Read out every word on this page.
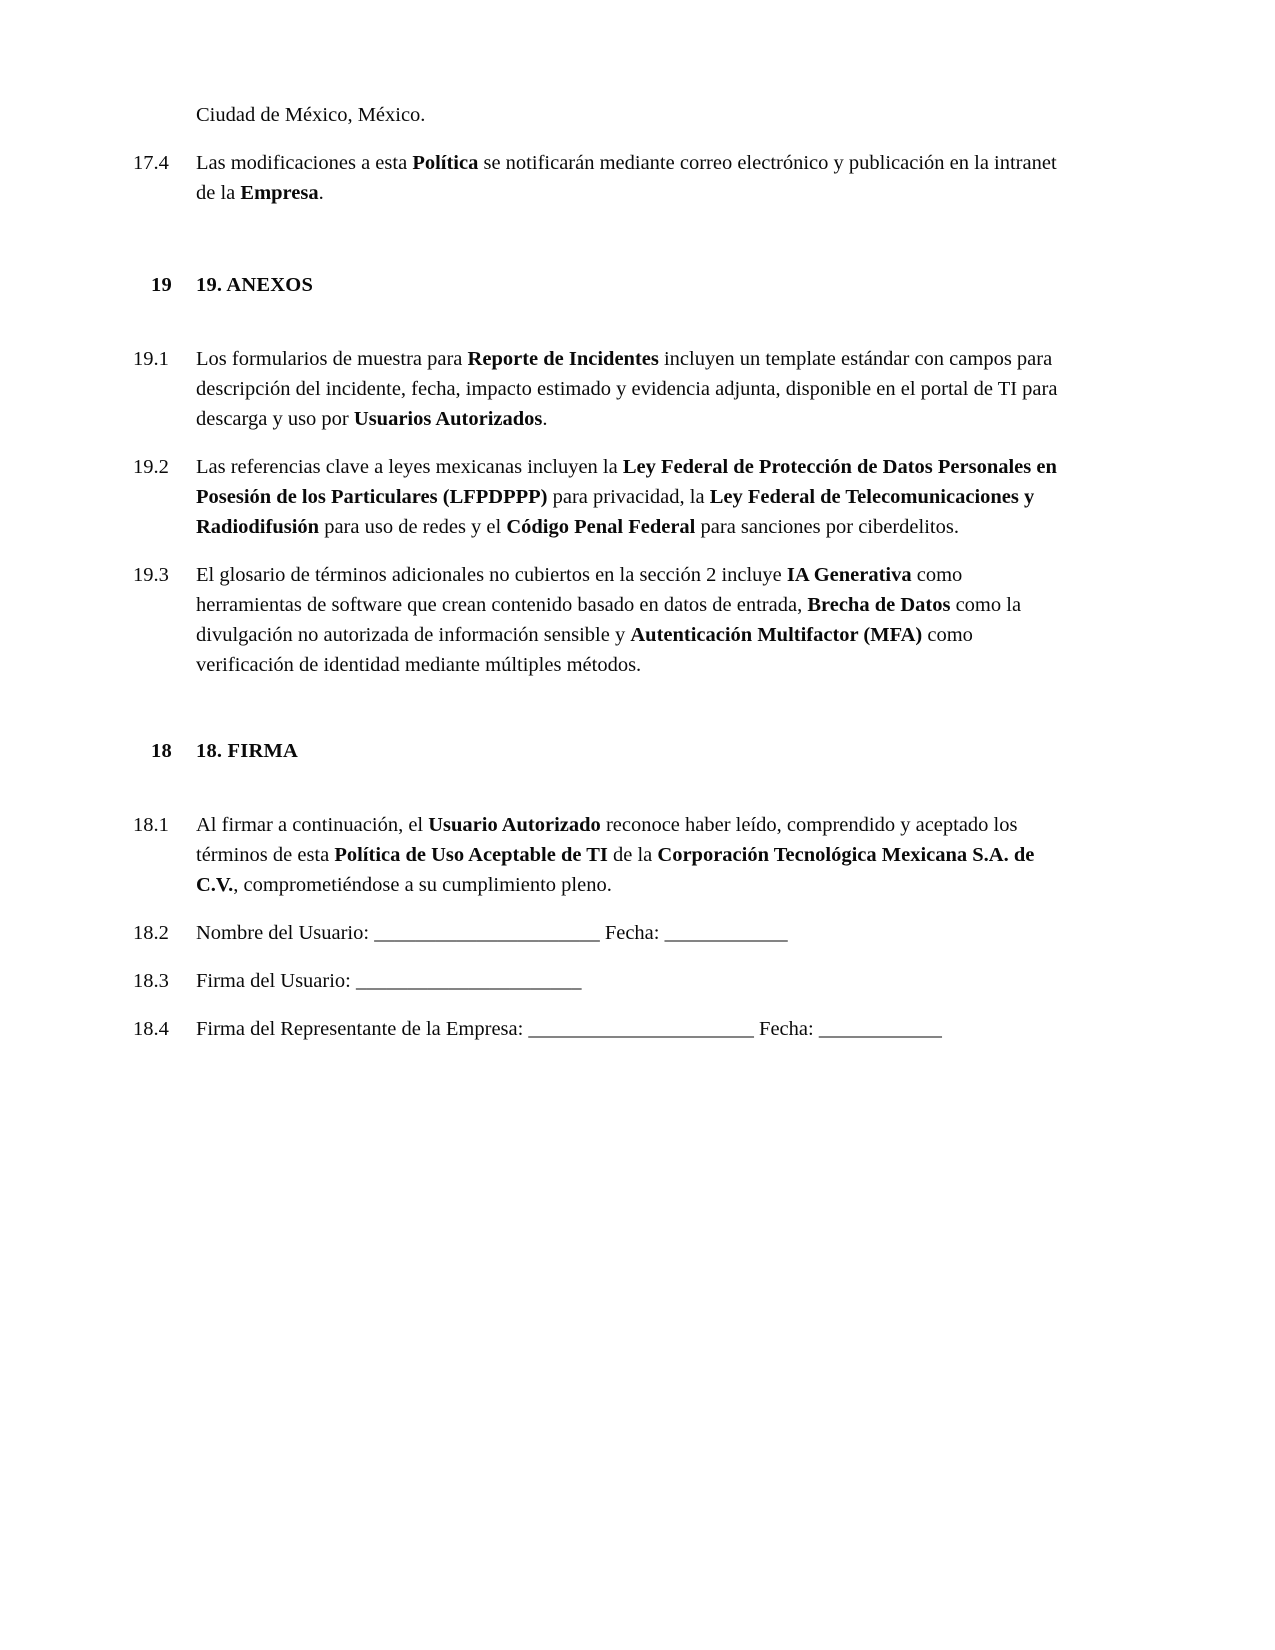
Ciudad de México, México.

17.4	Las modificaciones a esta Política se notificarán mediante correo electrónico y publicación en la intranet de la Empresa.
19	19. ANEXOS
19.1	Los formularios de muestra para Reporte de Incidentes incluyen un template estándar con campos para descripción del incidente, fecha, impacto estimado y evidencia adjunta, disponible en el portal de TI para descarga y uso por Usuarios Autorizados.
19.2	Las referencias clave a leyes mexicanas incluyen la Ley Federal de Protección de Datos Personales en Posesión de los Particulares (LFPDPPP) para privacidad, la Ley Federal de Telecomunicaciones y Radiodifusión para uso de redes y el Código Penal Federal para sanciones por ciberdelitos.
19.3	El glosario de términos adicionales no cubiertos en la sección 2 incluye IA Generativa como herramientas de software que crean contenido basado en datos de entrada, Brecha de Datos como la divulgación no autorizada de información sensible y Autenticación Multifactor (MFA) como verificación de identidad mediante múltiples métodos.
18	18. FIRMA
18.1	Al firmar a continuación, el Usuario Autorizado reconoce haber leído, comprendido y aceptado los términos de esta Política de Uso Aceptable de TI de la Corporación Tecnológica Mexicana S.A. de C.V., comprometiéndose a su cumplimiento pleno.
18.2	Nombre del Usuario: ______________________ Fecha: ____________
18.3	Firma del Usuario: ______________________
18.4	Firma del Representante de la Empresa: ______________________ Fecha: ____________
